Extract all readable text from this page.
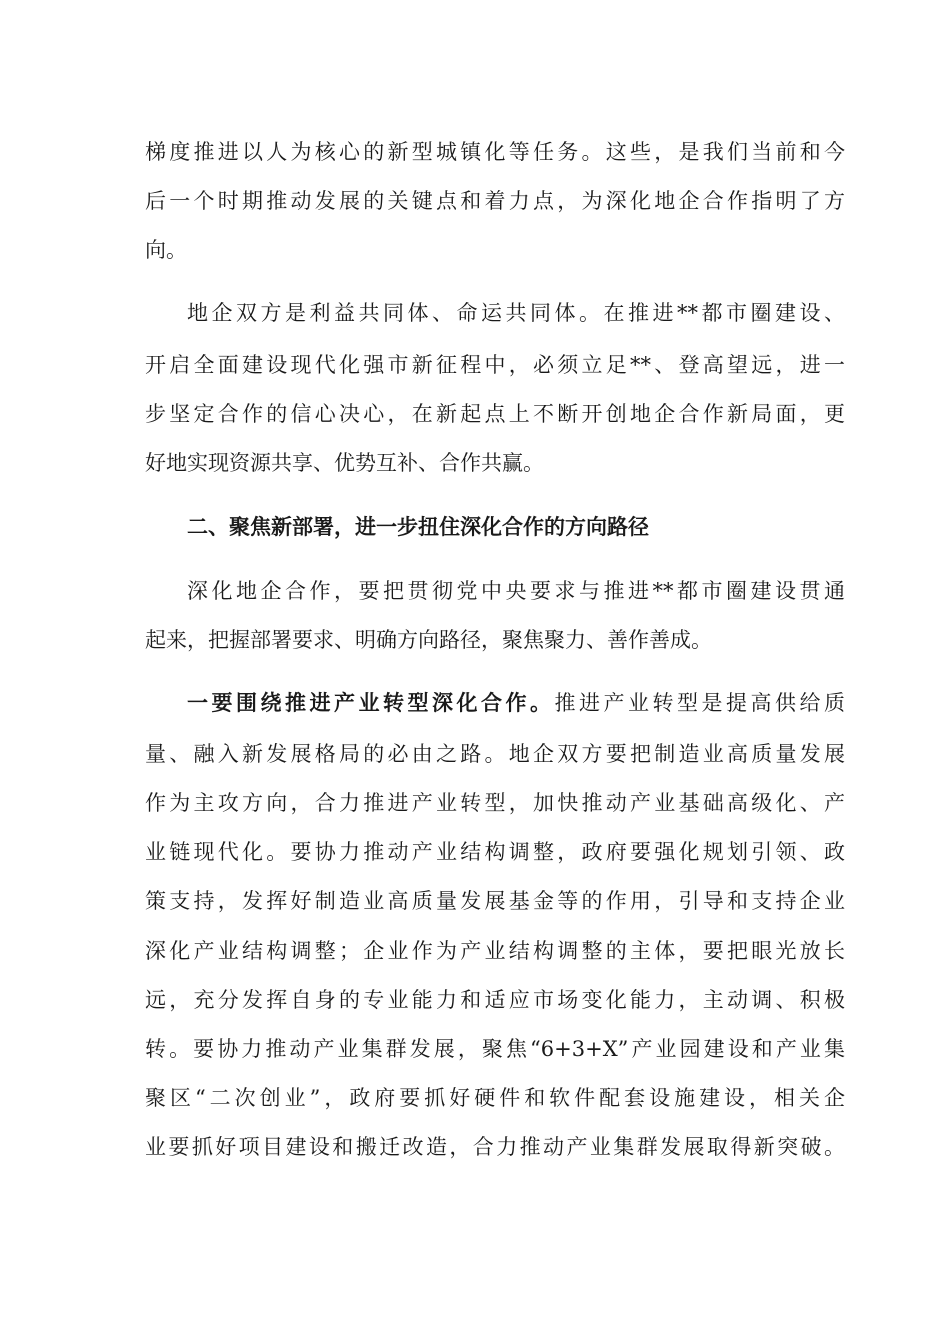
梯度推进以人为核心的新型城镇化等任务。这些，是我们当前和今
后一个时期推动发展的关键点和着力点，为深化地企合作指明了方
向。
地企双方是利益共同体、命运共同体。在推进**都市圈建设、
开启全面建设现代化强市新征程中，必须立足**、登高望远，进一
步坚定合作的信心决心，在新起点上不断开创地企合作新局面，更
好地实现资源共享、优势互补、合作共赢。
二、聚焦新部署，进一步扭住深化合作的方向路径
深化地企合作，要把贯彻党中央要求与推进**都市圈建设贯通
起来，把握部署要求、明确方向路径，聚焦聚力、善作善成。
一要围绕推进产业转型深化合作。推进产业转型是提高供给质
量、融入新发展格局的必由之路。地企双方要把制造业高质量发展
作为主攻方向，合力推进产业转型，加快推动产业基础高级化、产
业链现代化。要协力推动产业结构调整，政府要强化规划引领、政
策支持，发挥好制造业高质量发展基金等的作用，引导和支持企业
深化产业结构调整；企业作为产业结构调整的主体，要把眼光放长
远，充分发挥自身的专业能力和适应市场变化能力，主动调、积极
转。要协力推动产业集群发展，聚焦“6+3+X”产业园建设和产业集
聚区“二次创业”，政府要抓好硬件和软件配套设施建设，相关企
业要抓好项目建设和搬迁改造，合力推动产业集群发展取得新突破。
